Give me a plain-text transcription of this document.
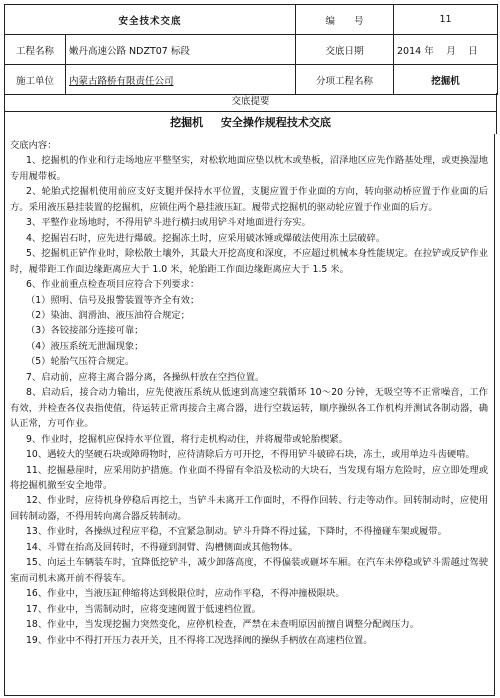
安全技术交底		编　　号	11
工程名称	嫩丹高速公路 NDZT07 标段	交底日期	2014 年　 月　 日
施工单位	内蒙古路桥有限责任公司	分项工程名称	挖掘机
交底提要
挖掘机 安全操作规程技术交底

交底内容：

1、挖掘机的作业和行走场地应平整坚实，对松软地面应垫以枕木或垫板，沼泽地区应先作路基处理，或更换湿地专用履带板。

2、轮胎式挖掘机使用前应支好支腿并保持水平位置，支腿应置于作业面的方向，转向驱动桥应置于作业面的后方。采用液压悬挂装置的挖掘机，应锁住两个悬挂液压缸。履带式挖掘机的驱动轮应置于作业面的后方。

3、平整作业场地时，不得用铲斗进行横扫或用铲斗对地面进行夯实。

4、挖掘岩石时，应先进行爆破。挖掘冻土时，应采用破冰锤或爆破法使用冻土层破碎。

5、挖掘机正铲作业时，除松散土壤外，其最大开挖高度和深度，不应超过机械本身性能规定。在拉铲或反铲作业时，履带距工作面边缘距离应大于 1.0 米，轮胎距工作面边缘距离应大于 1.5 米。

6、作业前重点检查项目应符合下列要求：

（1）照明、信号及报警装置等齐全有效；

（2）染油、润滑油、液压油符合规定；

（3）各铰接部分连接可靠；

（4）液压系统无泄漏现象；

（5）轮胎气压符合规定。

7、启动前，应将主离合器分离，各操纵杆放在空挡位置。

8、启动后，接合动力输出，应先使液压系统从低速到高速空载循环 10～20 分钟，无吸空等不正常噪音，工作有效，并检查各仪表指使值，待运转正常再接合主离合器，进行空载运转，顺序操纵各工作机构并测试各制动器，确认正常，方可作业。

9、作业时，挖掘机应保持水平位置，将行走机构动住，并将履带或轮胎楔紧。

10、遇较大的坚硬石块或障碍物时，应待清除后方可开挖，不得用铲斗破碎石块，冻土，或用单边斗齿硬啃。

11、挖掘悬崖时，应采用防护措施。作业面不得留有伞沿及松动的大块石，当发现有塌方危险时，应立即处理或将挖掘机撤至安全地带。

12、作业时，应待机身停稳后再挖土，当铲斗未离开工作面时，不得作回转、行走等动作。回转制动时，应使用回转制动器，不得用转向离合器反转制动。

13、作业时，各操纵过程应平稳，不宜紧急制动。铲斗升降不得过猛，下降时，不得撞碰车架或履带。

14、斗臂在抬高及回转时，不得碰到洞臂、沟槽侧面或其他物体。

15、向运土车辆装车时，宜降低挖铲斗，减少卸落高度，不得偏装或砸坏车厢。在汽车未停稳或铲斗需越过驾驶室而司机未离开前不得装车。

16、作业中，当液压缸伸缩将达到极限位时，应动作平稳，不得冲撞极限块。

17、作业中，当需制动时，应将变速阀置于低速档位置。

18、作业中，当发现挖掘力突然变化，应停机检查，严禁在未查明原因前擅自调整分配阀压力。

19、作业中不得打开压力表开关，且不得将工况选择阀的操纵手柄放在高速档位置。
